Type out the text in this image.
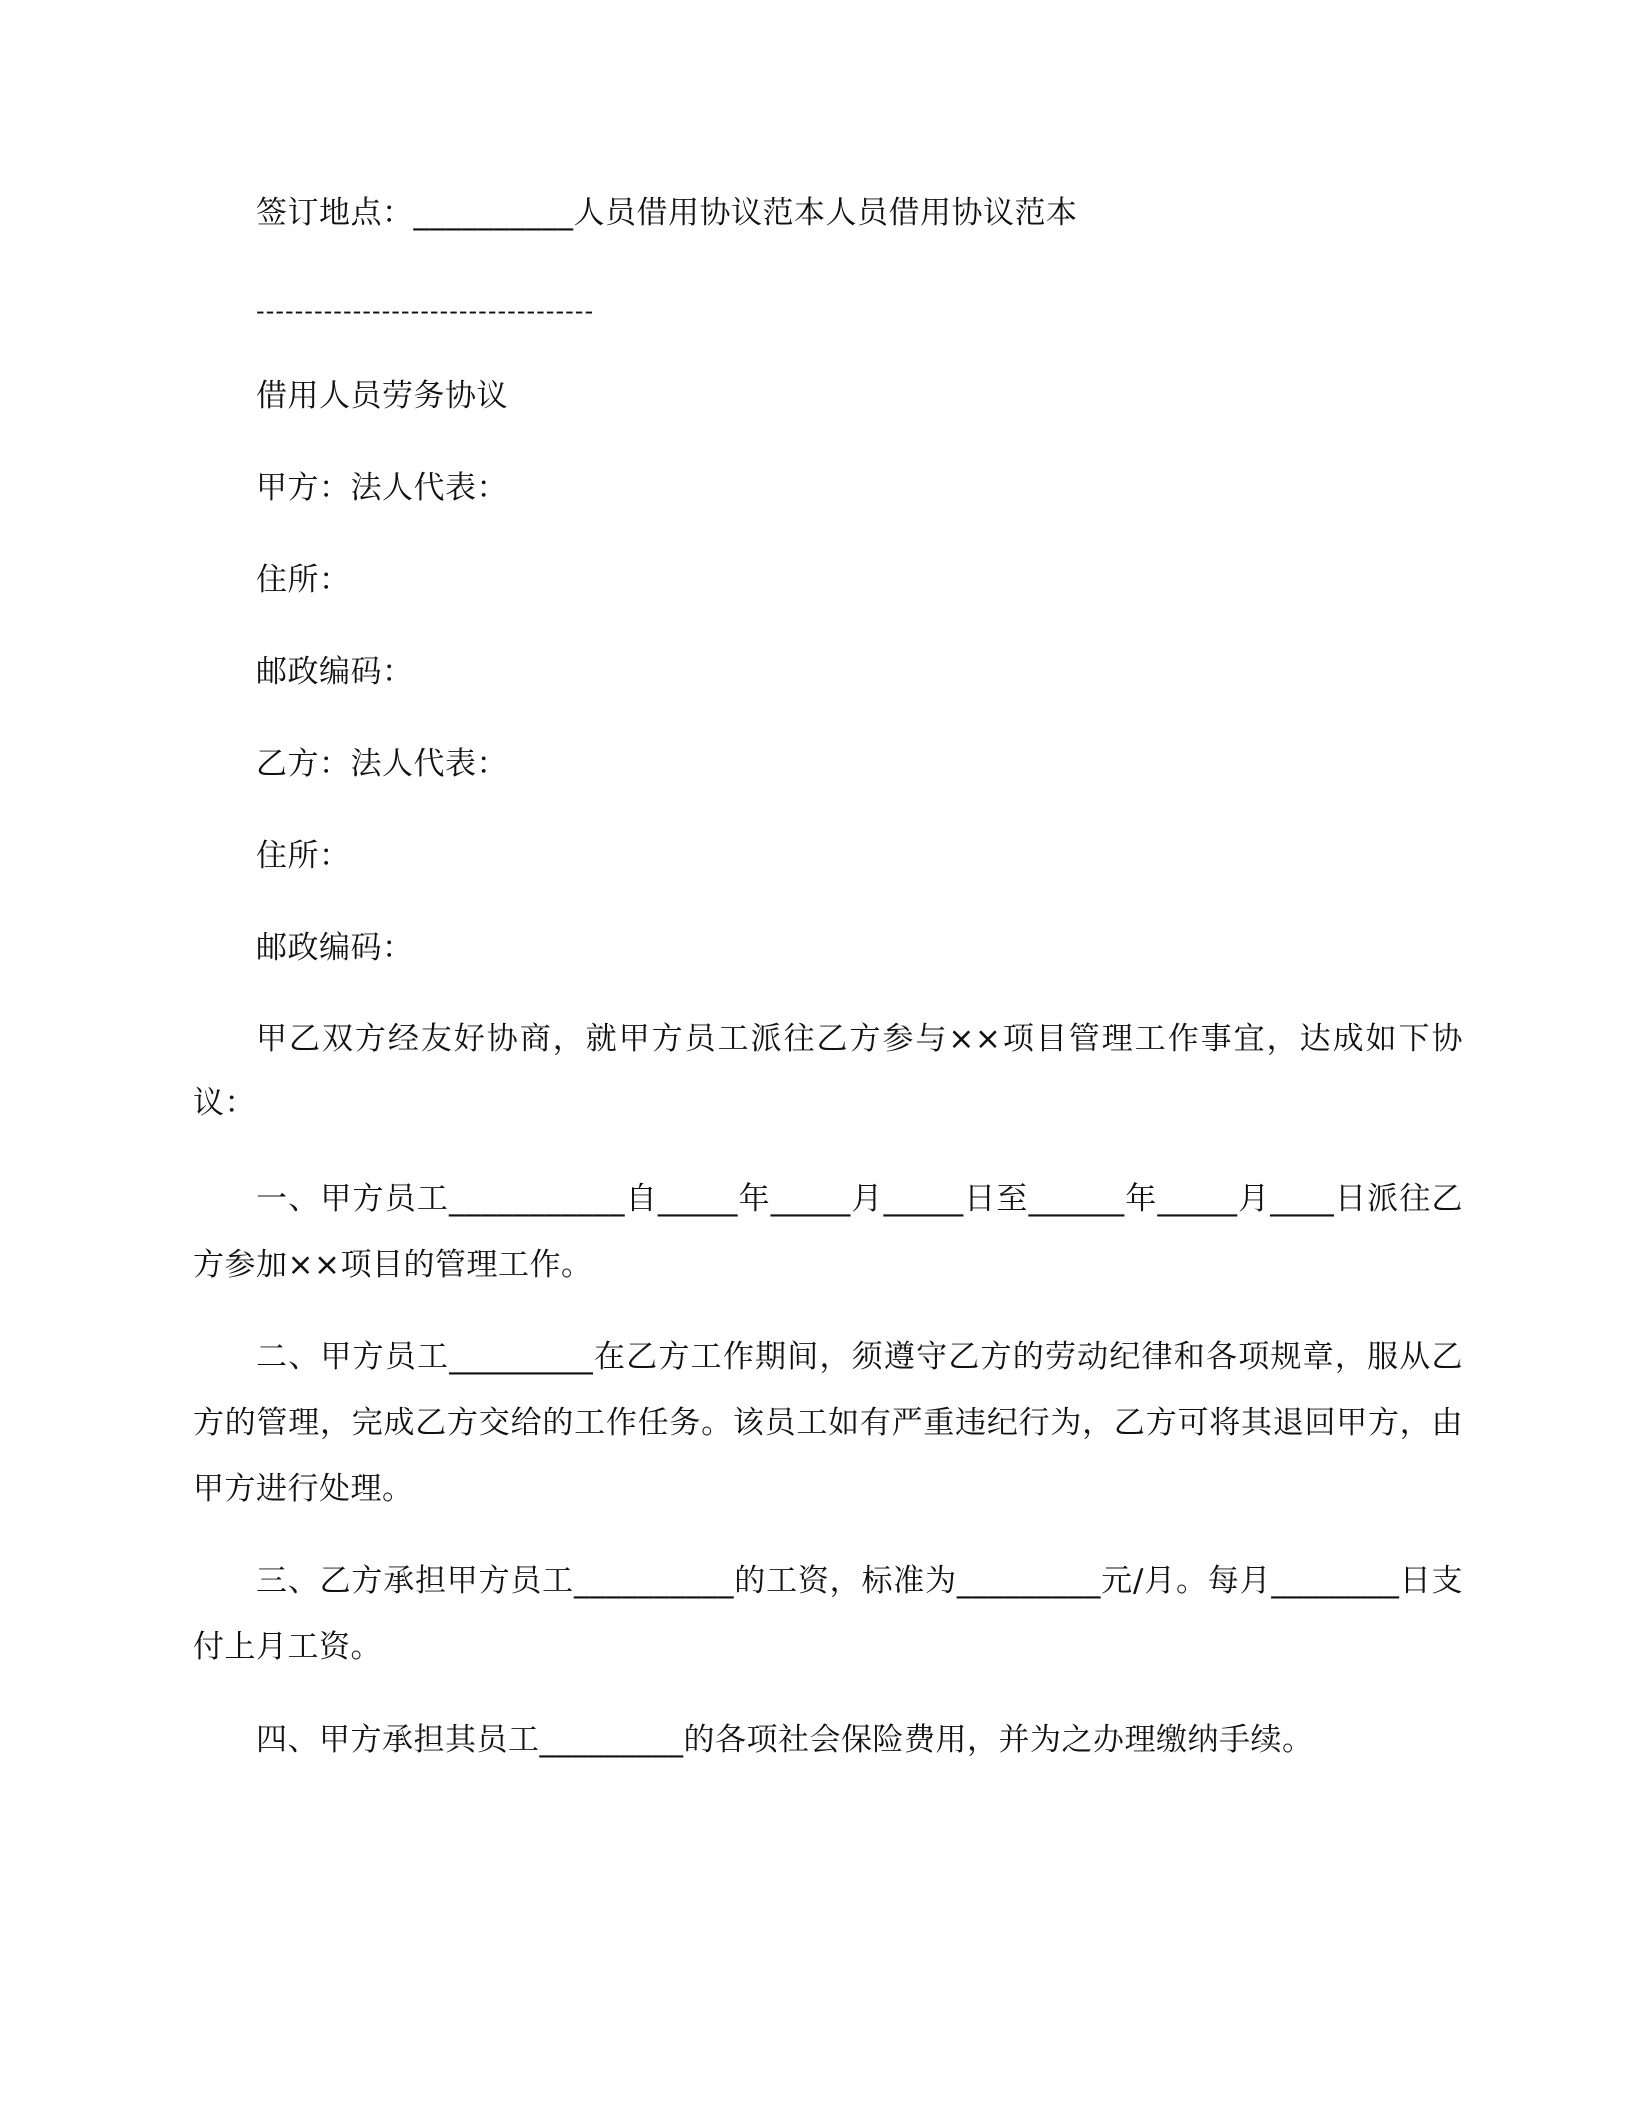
签订地点：__________人员借用协议范本人员借用协议范本
-----------------------------------
借用人员劳务协议
甲方：法人代表：
住所：
邮政编码：
乙方：法人代表：
住所：
邮政编码：
甲乙双方经友好协商，就甲方员工派往乙方参与××项目管理工作事宜，达成如下协议：
一、甲方员工___________自_____年_____月_____日至______年_____月____日派往乙方参加××项目的管理工作。
二、甲方员工_________在乙方工作期间，须遵守乙方的劳动纪律和各项规章，服从乙方的管理，完成乙方交给的工作任务。该员工如有严重违纪行为，乙方可将其退回甲方，由甲方进行处理。
三、乙方承担甲方员工__________的工资，标准为_________元/月。每月________日支付上月工资。
四、甲方承担其员工_________的各项社会保险费用，并为之办理缴纳手续。
